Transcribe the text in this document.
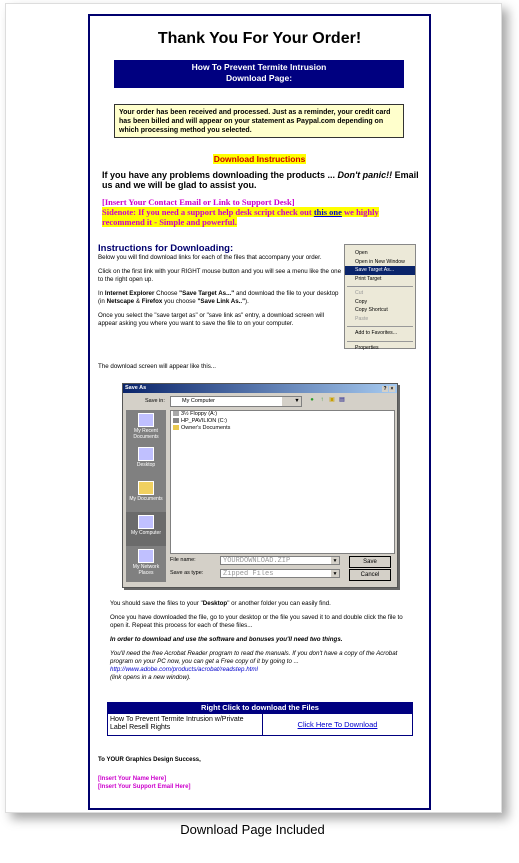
Thank You For Your Order!
How To Prevent Termite Intrusion
Download Page:
Your order has been received and processed. Just as a reminder, your credit card has been billed and will appear on your statement as Paypal.com depending on which processing method you selected.
Download Instructions
If you have any problems downloading the products ... Don't panic!! Email us and we will be glad to assist you.
[Insert Your Contact Email or Link to Support Desk]
Sidenote: If you need a support help desk script check out this one we highly recommend it - Simple and powerful.
Instructions for Downloading:

Below you will find download links for each of the files that accompany your order.

Click on the first link with your RIGHT mouse button and you will see a menu like the one to the right open up.

In Internet Explorer Choose "Save Target As..." and download the file to your desktop (in Netscape & Firefox you choose "Save Link As..").

Once you select the "save target as" or "save link as" entry, a download screen will appear asking you where you want to save the file to on your computer.

Open
Open in New Window
Save Target As...
Print Target
Cut
Copy
Copy Shortcut
Paste
Add to Favorites...
Properties
The download screen will appear like this...
Save As	? ×
Save in:	My Computer	▼	● ↑ ▣ ▤
My Recent Documents
Desktop
My Documents
My Computer
My Network Places
3½ Floppy (A:)
HP_PAVILION (C:)
Owner's Documents
File name:	YOURDOWNLOAD.ZIP	▼
Save as type:	Zipped Files	▼
Save
Cancel

You should save the files to your "Desktop" or another folder you can easily find.

Once you have downloaded the file, go to your desktop or the file you saved it to and double click the file to open it. Repeat this process for each of these files...

In order to download and use the software and bonuses you'll need two things.

You'll need the free Acrobat Reader program to read the manuals. If you don't have a copy of the Acrobat program on your PC now, you can get a Free copy of it by going to ...
http://www.adobe.com/products/acrobat/readstep.html
(link opens in a new window).

Right Click to download the Files
How To Prevent Termite Intrusion w/Private Label Resell Rights	Click Here To Download
To YOUR Graphics Design Success,
[Insert Your Name Here]
[Insert Your Support Email Here]
Download Page Included
